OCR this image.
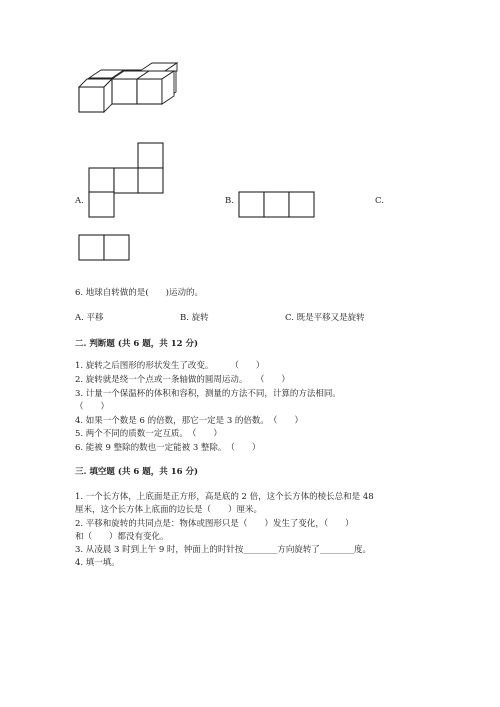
A.	B.	C.
6. 地球自转做的是(　　)运动的。
A. 平移	B. 旋转	C. 既是平移又是旋转
二. 判断题 (共 6 题，共 12 分)
1. 旋转之后图形的形状发生了改变。　　　（　　）
2. 旋转就是绕一个点或一条轴做的圆周运动。　　（　　）
3. 计量一个保温杯的体积和容积，测量的方法不同，计算的方法相同。
（　　）
4. 如果一个数是 6 的倍数，那它一定是 3 的倍数。　（　　）
5. 两个不同的质数一定互质。　（　　）
6. 能被 9 整除的数也一定能被 3 整除。　（　　）
三. 填空题 (共 6 题，共 16 分)
1. 一个长方体，上底面是正方形，高是底的 2 倍，这个长方体的棱长总和是 48
厘米，这个长方体上底面的边长是（　　）厘米。
2. 平移和旋转的共同点是：物体或图形只是（　　）发生了变化，（　　）
和（　　）都没有变化。
3. 从凌晨 3 时到上午 9 时，钟面上的时针按________方向旋转了________度。
4. 填一填。
